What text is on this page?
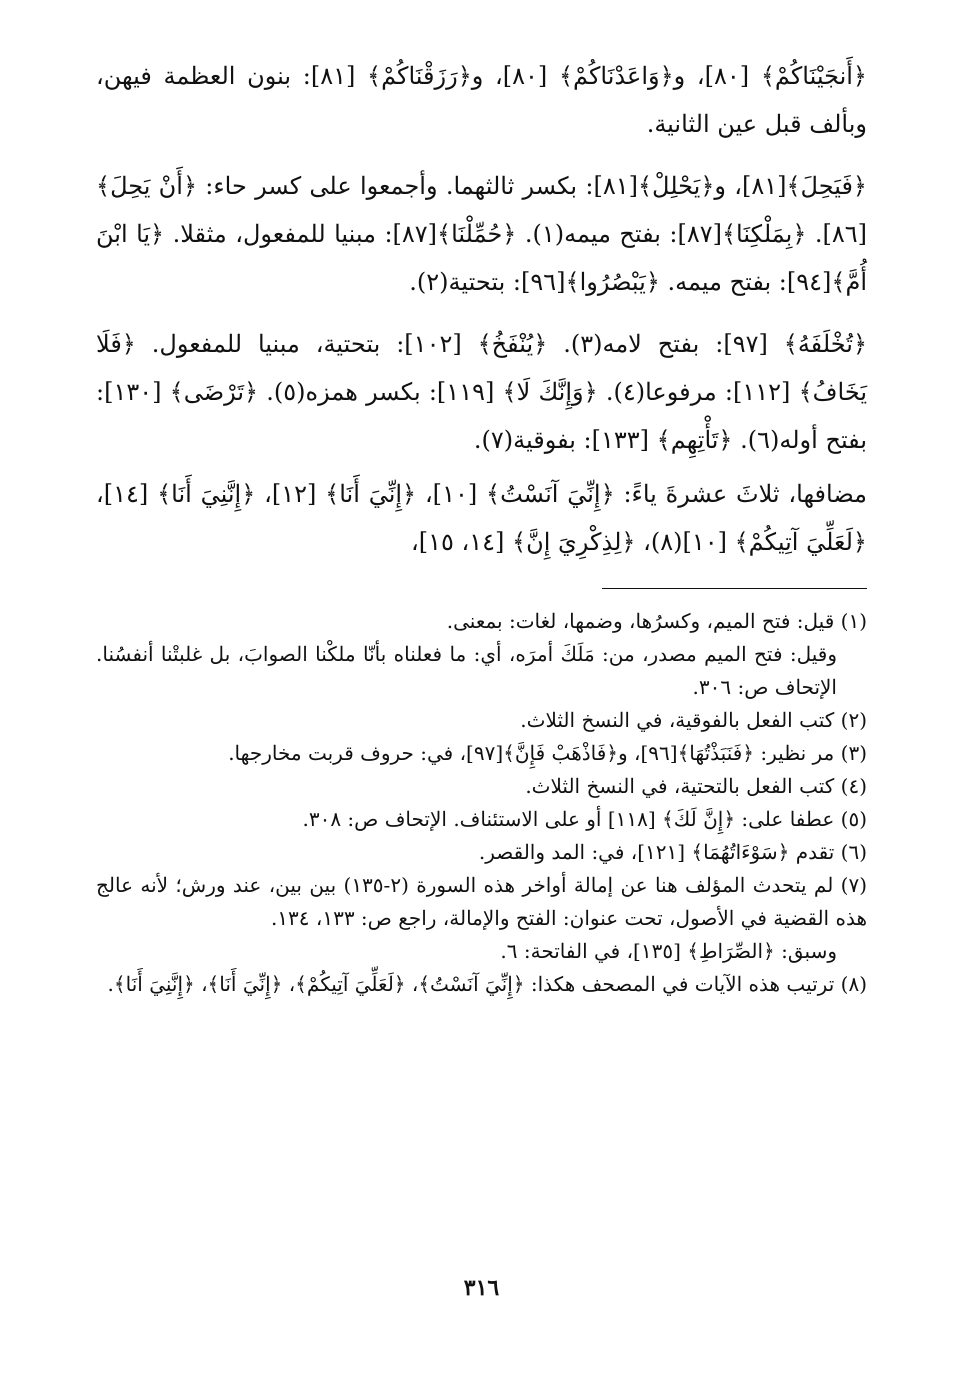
﴿أَنجَيْنَاكُمْ﴾ [٨٠]، و﴿وَاعَدْنَاكُمْ﴾ [٨٠]، و﴿رَزَقْنَاكُمْ﴾ [٨١]: بنون العظمة فيهن، وبألف قبل عين الثانية.

﴿فَيَحِلَ﴾[٨١]، و﴿يَحْلِلْ﴾[٨١]: بكسر ثالثهما. وأجمعوا على كسر حاء: ﴿أَنْ يَحِلَ﴾[٨٦]. ﴿بِمَلْكِنَا﴾[٨٧]: بفتح ميمه(١). ﴿حُمِّلْنَا﴾[٨٧]: مبنيا للمفعول، مثقلا. ﴿يَا ابْنَ أُمَّ﴾[٩٤]: بفتح ميمه. ﴿يَبْصُرُوا﴾[٩٦]: بتحتية(٢).

﴿تُخْلَفَهُ﴾ [٩٧]: بفتح لامه(٣). ﴿يُنْفَخُ﴾ [١٠٢]: بتحتية، مبنيا للمفعول. ﴿فَلَا يَخَافُ﴾ [١١٢]: مرفوعا(٤). ﴿وَإِنَّكَ لَا﴾ [١١٩]: بكسر همزه(٥). ﴿تَرْضَى﴾ [١٣٠]: بفتح أوله(٦). ﴿تَأْتِهِم﴾ [١٣٣]: بفوقية(٧).

مضافها، ثلاثَ عشرةَ ياءً: ﴿إِنِّيَ آنَسْتُ﴾ [١٠]، ﴿إِنِّيَ أَنَا﴾ [١٢]، ﴿إِنَّنِيَ أَنَا﴾ [١٤]، ﴿لَعَلِّيَ آتِيكُمْ﴾ [١٠](٨)، ﴿لِذِكْرِيَ إِنَّ﴾ [١٤، ١٥]،

(١) قيل: فتح الميم، وكسرُها، وضمها، لغات: بمعنى.
وقيل: فتح الميم مصدر، من: مَلَكَ أمرَه، أي: ما فعلناه بأنّا ملكْنا الصوابَ، بل غلبتْنا أنفسُنا. الإتحاف ص: ٣٠٦.
(٢) كتب الفعل بالفوقية، في النسخ الثلاث.
(٣) مر نظير: ﴿فَنَبَذْتُهَا﴾[٩٦]، و﴿فَاذْهَبْ فَإِنَّ﴾[٩٧]، في: حروف قربت مخارجها.
(٤) كتب الفعل بالتحتية، في النسخ الثلاث.
(٥) عطفا على: ﴿إِنَّ لَكَ﴾ [١١٨] أو على الاستئناف. الإتحاف ص: ٣٠٨.
(٦) تقدم ﴿سَوْءَاتُهُمَا﴾ [١٢١]، في: المد والقصر.
(٧) لم يتحدث المؤلف هنا عن إمالة أواخر هذه السورة (٢-١٣٥) بين بين، عند ورش؛ لأنه عالج هذه القضية في الأصول، تحت عنوان: الفتح والإمالة، راجع ص: ١٣٣، ١٣٤.
وسبق: ﴿الصِّرَاطِ﴾ [١٣٥]، في الفاتحة: ٦.
(٨) ترتيب هذه الآيات في المصحف هكذا: ﴿إِنِّيَ آنَسْتُ﴾، ﴿لَعَلِّيَ آتِيكُمْ﴾، ﴿إِنِّيَ أَنَا﴾، ﴿إِنَّنِيَ أَنَا﴾.
٣١٦
